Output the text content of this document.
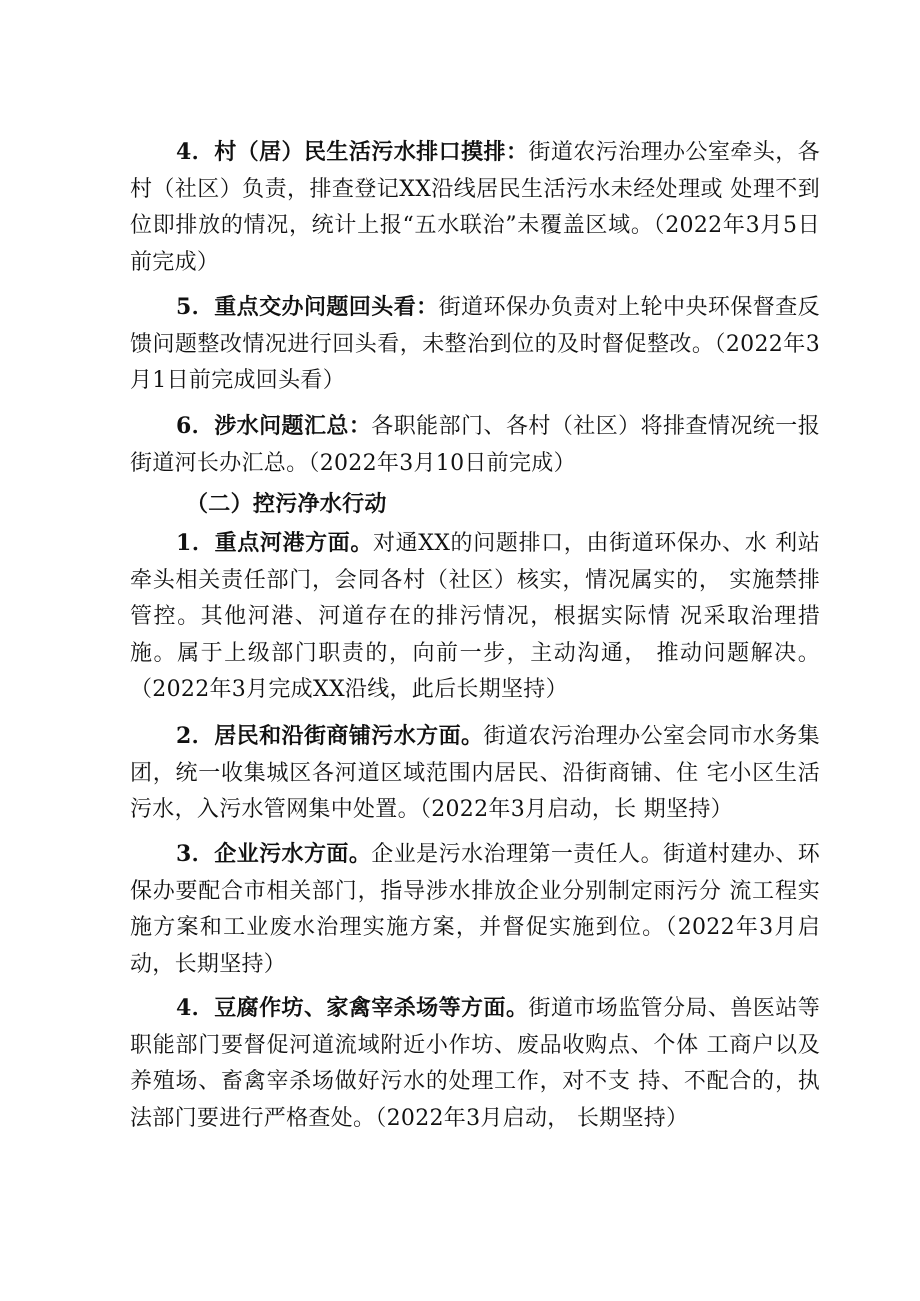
4．村（居）民生活污水排口摸排：街道农污治理办公室牵头，各村（社区）负责，排查登记XX沿线居民生活污水未经处理或 处理不到位即排放的情况，统计上报“五水联治”未覆盖区域。（2022年3月5日前完成）

5．重点交办问题回头看：街道环保办负责对上轮中央环保督查反馈问题整改情况进行回头看，未整治到位的及时督促整改。（2022年3月1日前完成回头看）

6．涉水问题汇总：各职能部门、各村（社区）将排查情况统一报街道河长办汇总。（2022年3月10日前完成）

（二）控污净水行动

1．重点河港方面。对通XX的问题排口，由街道环保办、水 利站牵头相关责任部门，会同各村（社区）核实，情况属实的， 实施禁排管控。其他河港、河道存在的排污情况，根据实际情 况采取治理措施。属于上级部门职责的，向前一步，主动沟通， 推动问题解决。（2022年3月完成XX沿线，此后长期坚持）

2．居民和沿街商铺污水方面。街道农污治理办公室会同市水务集团，统一收集城区各河道区域范围内居民、沿街商铺、住 宅小区生活污水，入污水管网集中处置。（2022年3月启动，长 期坚持）

3．企业污水方面。企业是污水治理第一责任人。街道村建办、环保办要配合市相关部门，指导涉水排放企业分别制定雨污分 流工程实施方案和工业废水治理实施方案，并督促实施到位。（2022年3月启动，长期坚持）

4．豆腐作坊、家禽宰杀场等方面。街道市场监管分局、兽医站等职能部门要督促河道流域附近小作坊、废品收购点、个体 工商户以及养殖场、畜禽宰杀场做好污水的处理工作，对不支 持、不配合的，执法部门要进行严格查处。（2022年3月启动， 长期坚持）
